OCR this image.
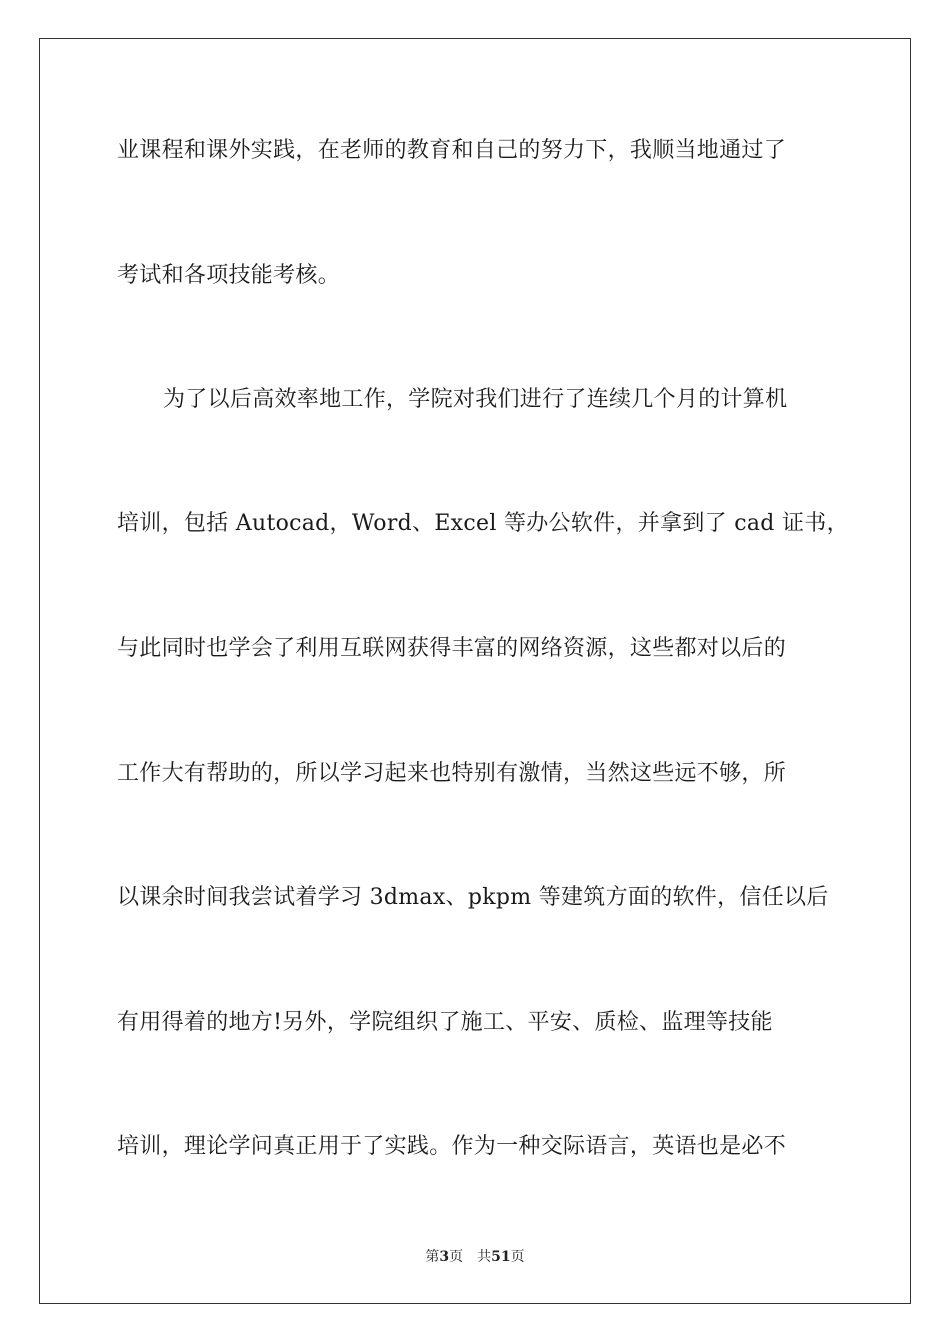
业课程和课外实践，在老师的教育和自己的努力下，我顺当地通过了
考试和各项技能考核。
为了以后高效率地工作，学院对我们进行了连续几个月的计算机
培训，包括 Autocad，Word、Excel 等办公软件，并拿到了 cad 证书，
与此同时也学会了利用互联网获得丰富的网络资源，这些都对以后的
工作大有帮助的，所以学习起来也特别有激情，当然这些远不够，所
以课余时间我尝试着学习 3dmax、pkpm 等建筑方面的软件，信任以后
有用得着的地方!另外，学院组织了施工、平安、质检、监理等技能
培训，理论学问真正用于了实践。作为一种交际语言，英语也是必不
第3页 共51页
